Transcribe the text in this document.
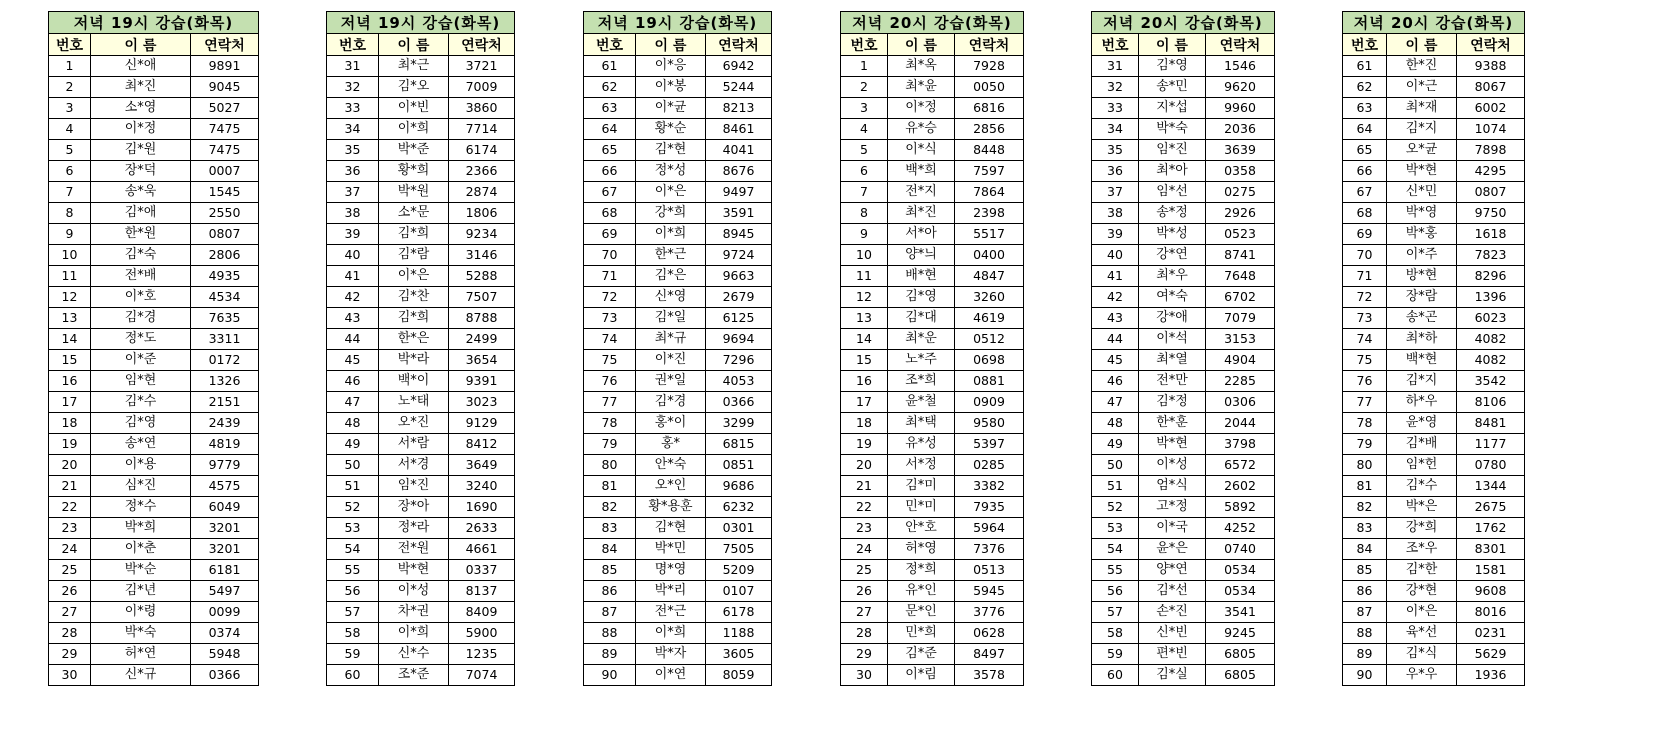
저녁 19시 강습(화목)		
번호	이 름	연락처
1	신*애	9891
2	최*진	9045
3	소*영	5027
4	이*정	7475
5	김*원	7475
6	장*덕	0007
7	송*욱	1545
8	김*애	2550
9	한*원	0807
10	김*숙	2806
11	전*배	4935
12	이*호	4534
13	김*경	7635
14	정*도	3311
15	이*준	0172
16	임*현	1326
17	김*수	2151
18	김*영	2439
19	송*연	4819
20	이*용	9779
21	심*진	4575
22	정*수	6049
23	박*희	3201
24	이*춘	3201
25	박*순	6181
26	김*년	5497
27	이*령	0099
28	박*숙	0374
29	허*연	5948
30	신*규	0366
저녁 19시 강습(화목)		
번호	이 름	연락처
31	최*근	3721
32	김*오	7009
33	이*빈	3860
34	이*희	7714
35	박*준	6174
36	황*희	2366
37	박*원	2874
38	소*문	1806
39	김*희	9234
40	김*람	3146
41	이*은	5288
42	김*찬	7507
43	김*희	8788
44	한*은	2499
45	박*라	3654
46	백*이	9391
47	노*태	3023
48	오*진	9129
49	서*람	8412
50	서*경	3649
51	임*진	3240
52	장*아	1690
53	정*라	2633
54	전*원	4661
55	박*현	0337
56	이*성	8137
57	차*권	8409
58	이*희	5900
59	신*수	1235
60	조*준	7074
저녁 19시 강습(화목)		
번호	이 름	연락처
61	이*응	6942
62	이*봉	5244
63	이*균	8213
64	황*순	8461
65	김*현	4041
66	정*성	8676
67	이*은	9497
68	강*희	3591
69	이*희	8945
70	한*근	9724
71	김*은	9663
72	신*영	2679
73	김*일	6125
74	최*규	9694
75	이*진	7296
76	권*일	4053
77	김*경	0366
78	홍*이	3299
79	홍*	6815
80	안*숙	0851
81	오*인	9686
82	황*용훈	6232
83	김*현	0301
84	박*민	7505
85	명*영	5209
86	박*리	0107
87	전*근	6178
88	이*희	1188
89	박*자	3605
90	이*연	8059
저녁 20시 강습(화목)		
번호	이 름	연락처
1	최*옥	7928
2	최*윤	0050
3	이*정	6816
4	유*승	2856
5	이*식	8448
6	백*희	7597
7	전*지	7864
8	최*진	2398
9	서*아	5517
10	양*늬	0400
11	배*현	4847
12	김*영	3260
13	김*대	4619
14	최*운	0512
15	노*주	0698
16	조*희	0881
17	윤*철	0909
18	최*택	9580
19	유*성	5397
20	서*정	0285
21	김*미	3382
22	민*미	7935
23	안*호	5964
24	허*영	7376
25	정*희	0513
26	유*인	5945
27	문*인	3776
28	민*희	0628
29	김*준	8497
30	이*림	3578
저녁 20시 강습(화목)		
번호	이 름	연락처
31	김*영	1546
32	송*민	9620
33	지*섭	9960
34	박*숙	2036
35	임*진	3639
36	최*아	0358
37	임*선	0275
38	송*정	2926
39	박*성	0523
40	강*연	8741
41	최*우	7648
42	여*숙	6702
43	강*애	7079
44	이*석	3153
45	최*열	4904
46	전*만	2285
47	김*정	0306
48	한*훈	2044
49	박*현	3798
50	이*성	6572
51	엄*식	2602
52	고*정	5892
53	이*국	4252
54	윤*은	0740
55	양*연	0534
56	김*선	0534
57	손*진	3541
58	신*빈	9245
59	편*빈	6805
60	김*실	6805
저녁 20시 강습(화목)		
번호	이 름	연락처
61	한*진	9388
62	이*근	8067
63	최*재	6002
64	김*지	1074
65	오*균	7898
66	박*현	4295
67	신*민	0807
68	박*영	9750
69	박*홍	1618
70	이*주	7823
71	방*현	8296
72	장*람	1396
73	송*곤	6023
74	최*하	4082
75	백*현	4082
76	김*지	3542
77	하*우	8106
78	윤*영	8481
79	김*배	1177
80	임*헌	0780
81	김*수	1344
82	박*은	2675
83	강*희	1762
84	조*우	8301
85	김*한	1581
86	강*현	9608
87	이*은	8016
88	육*선	0231
89	김*식	5629
90	우*우	1936
